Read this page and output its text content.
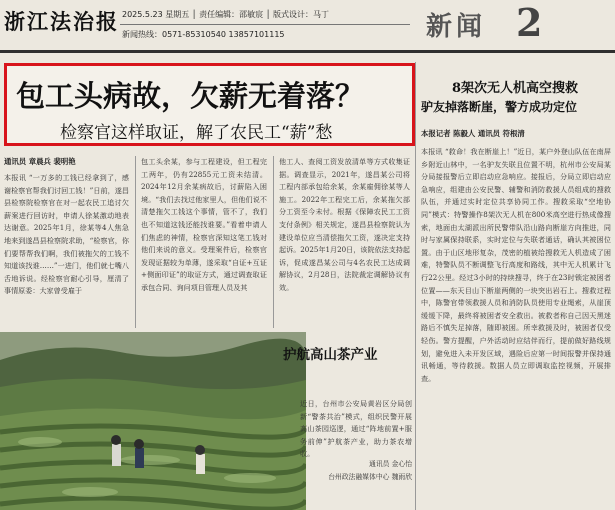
浙江法治报 2025.5.23 星期五 │ 责任编辑：邵敏宸 │ 版式设计：马丁
新闻热线：0571-85310540 13857101115	新闻 2
包工头病故，欠薪无着落？
检察官这样取证，解了农民工“薪”愁
通讯员 章晨兵 裴明艳
本报讯 “一万多的工钱已经拿到了，感谢检察官帮我们讨回工钱！”日前，遂昌县检察院检察官在对一起农民工追讨欠薪案进行回访时，申请人徐某激动地表达谢意。2025年1月，徐某等4人焦急地来到遂昌县检察院求助，“检察官，你们要帮帮我们啊，我们被拖欠的工钱不知道该找谁……”一进门，他们就七嘴八舌地诉说。经检察官耐心引导，厘清了事情原委：大家曾受雇于
包工头余某，参与工程建设，但工程完工两年，仍有22855元工资未结清。2024年12月余某病故后，讨薪陷入困境。“我们去找过他家里人，但他们说不清楚拖欠工钱这个事情，管不了，我们也不知道这钱还能找谁要。”看着申请人们焦虑的神情，检察官深知这笔工钱对他们来说的意义。受理案件后，检察官发现证据较为单薄，遂采取“自证+互证+侧面印证”的取证方式，通过调查取证承包合同、询问项目管理人员及其
他工人、查阅工资发放清单等方式收集证据。调查显示，2021年，遂昌某公司将工程内部承包给余某，余某雇佣徐某等人施工。2022年工程完工后，余某拖欠部分工资至今未付。根据《保障农民工工资支付条例》相关规定，遂昌县检察院认为建设单位应当清偿拖欠工资，遂决定支持起诉。2025年1月20日，该院依法支持起诉，促成遂昌某公司与4名农民工达成调解协议，2月28日，法院裁定调解协议有效。
护航高山茶产业
近日，台州市公安局黄岩区分局创新“警茶共治”模式，组织民警开展高山茶园巡逻，通过“阵地前置+服务前伸”护航茶产业，助力茶农增收。
通讯员 金心怡
台州政法融媒体中心 魏雨欣
8架次无人机高空搜救
驴友掉落断崖，警方成功定位
本报记者 陈毅人 通讯员 符根清
本报讯 “救命！我在断崖上！”近日，某户外登山队伍在南屏乡附近山林中，一名驴友失联且位置不明，杭州市公安局某分局接报警后立即启动应急响应。接报后，分局立即启动应急响应，组建由公安民警、辅警和消防救援人员组成的搜救队伍，并通过实时定位共享协同工作。搜救采取“空地协同”模式：特警操作8架次无人机在800米高空进行热成像搜索，地面由太湖派出所民警带队沿山路向断崖方向推进，同时与家属保持联系，实时定位与失联者通话，确认其被困位置。由于山区地形复杂，茂密的植被给搜救无人机造成了困难，特警队员不断调整飞行高度和路线，其中无人机累计飞行22公里。经过3小时的持续搜寻，终于在23时锁定被困者位置——东天目山下断崖两侧的一块突出岩石上。搜救过程中，陈警官带领救援人员和消防队员使用专业绳索，从崖顶缓缓下降，最终将被困者安全救出。被救者称自己因天黑迷路后不慎失足掉落，随即被困。所幸救援及时，被困者仅受轻伤。警方提醒，户外活动时应结伴而行，提前做好路线规划，避免进入未开发区域，遇险后应第一时间报警并保持通讯畅通，等待救援。数据人员立即调取监控视频，开展排查。
